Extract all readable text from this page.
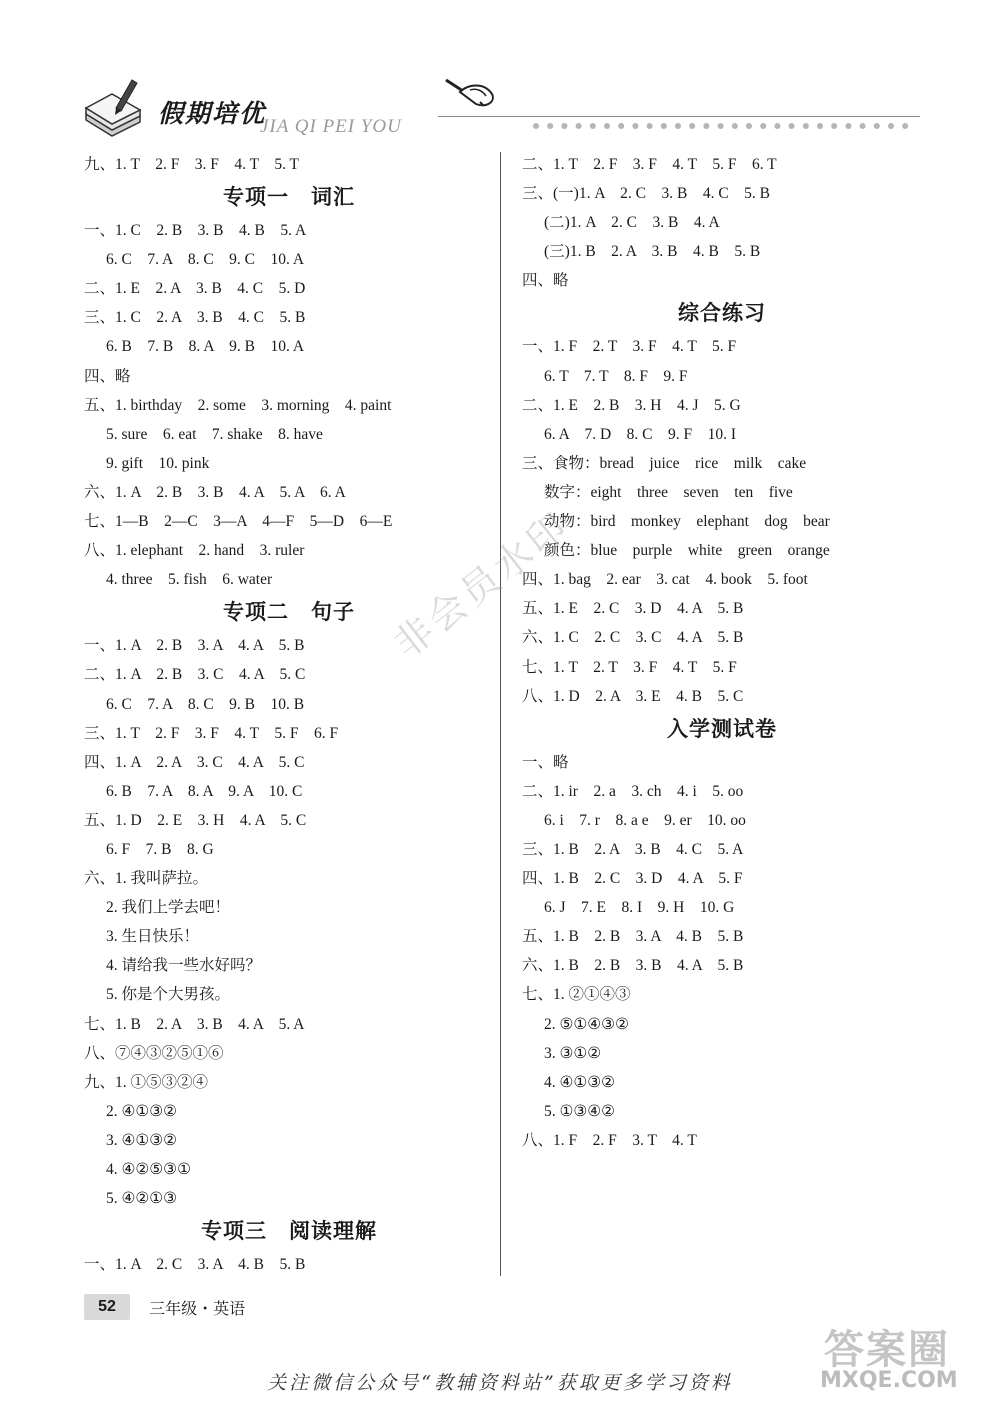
假期培优
JIA QI PEI YOU
九、1. T　2. F　3. F　4. T　5. T
专项一　词汇
一、1. C　2. B　3. B　4. B　5. A
6. C　7. A　8. C　9. C　10. A
二、1. E　2. A　3. B　4. C　5. D
三、1. C　2. A　3. B　4. C　5. B
6. B　7. B　8. A　9. B　10. A
四、略
五、1. birthday　2. some　3. morning　4. paint
5. sure　6. eat　7. shake　8. have
9. gift　10. pink
六、1. A　2. B　3. B　4. A　5. A　6. A
七、1—B　2—C　3—A　4—F　5—D　6—E
八、1. elephant　2. hand　3. ruler
4. three　5. fish　6. water
专项二　句子
一、1. A　2. B　3. A　4. A　5. B
二、1. A　2. B　3. C　4. A　5. C
6. C　7. A　8. C　9. B　10. B
三、1. T　2. F　3. F　4. T　5. F　6. F
四、1. A　2. A　3. C　4. A　5. C
6. B　7. A　8. A　9. A　10. C
五、1. D　2. E　3. H　4. A　5. C
6. F　7. B　8. G
六、1. 我叫萨拉。
2. 我们上学去吧！
3. 生日快乐！
4. 请给我一些水好吗？
5. 你是个大男孩。
七、1. B　2. A　3. B　4. A　5. A
八、⑦④③②⑤①⑥
九、1. ①⑤③②④
2. ④①③②
3. ④①③②
4. ④②⑤③①
5. ④②①③
专项三　阅读理解
一、1. A　2. C　3. A　4. B　5. B
二、1. T　2. F　3. F　4. T　5. F　6. T
三、(一)1. A　2. C　3. B　4. C　5. B
(二)1. A　2. C　3. B　4. A
(三)1. B　2. A　3. B　4. B　5. B
四、略
综合练习
一、1. F　2. T　3. F　4. T　5. F
6. T　7. T　8. F　9. F
二、1. E　2. B　3. H　4. J　5. G
6. A　7. D　8. C　9. F　10. I
三、食物：bread　juice　rice　milk　cake
数字：eight　three　seven　ten　five
动物：bird　monkey　elephant　dog　bear
颜色：blue　purple　white　green　orange
四、1. bag　2. ear　3. cat　4. book　5. foot
五、1. E　2. C　3. D　4. A　5. B
六、1. C　2. C　3. C　4. A　5. B
七、1. T　2. T　3. F　4. T　5. F
八、1. D　2. A　3. E　4. B　5. C
入学测试卷
一、略
二、1. ir　2. a　3. ch　4. i　5. oo
6. i　7. r　8. a e　9. er　10. oo
三、1. B　2. A　3. B　4. C　5. A
四、1. B　2. C　3. D　4. A　5. F
6. J　7. E　8. I　9. H　10. G
五、1. B　2. B　3. A　4. B　5. B
六、1. B　2. B　3. B　4. A　5. B
七、1. ②①④③
2. ⑤①④③②
3. ③①②
4. ④①③②
5. ①③④②
八、1. F　2. F　3. T　4. T
非会员水印
52 三年级・英语
答案圈
MXQE.COM
关注微信公众号“教辅资料站”获取更多学习资料
